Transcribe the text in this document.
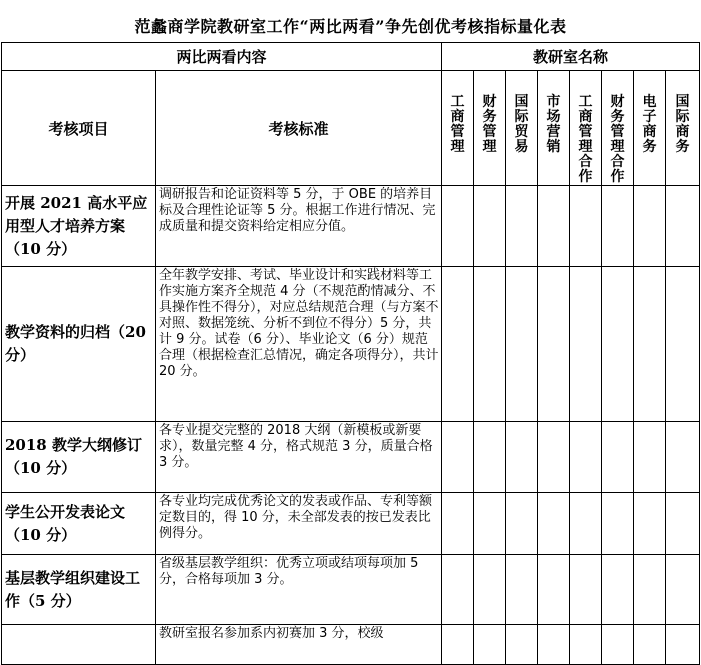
范蠡商学院教研室工作“两比两看”争先创优考核指标量化表
两比两看内容		教研室名称							
考核项目	考核标准	工商管理	财务管理	国际贸易	市场营销	工商管理合作	财务管理合作	电子商务	国际商务
开展 2021 高水平应用型人才培养方案（10 分）	调研报告和论证资料等 5 分，于 OBE 的培养目标及合理性论证等 5 分。根据工作进行情况、完成质量和提交资料给定相应分值。								
教学资料的归档（20 分）	全年教学安排、考试、毕业设计和实践材料等工作实施方案齐全规范 4 分（不规范酌情减分、不具操作性不得分），对应总结规范合理（与方案不对照、数据笼统、分析不到位不得分）5 分，共计 9 分。试卷（6 分）、毕业论文（6 分）规范合理（根据检查汇总情况，确定各项得分），共计 20 分。								
2018 教学大纲修订（10 分）	各专业提交完整的 2018 大纲（新模板或新要求），数量完整 4 分，格式规范 3 分，质量合格 3 分。								
学生公开发表论文（10 分）	各专业均完成优秀论文的发表或作品、专利等额定数目的，得 10 分，未全部发表的按已发表比例得分。								
基层教学组织建设工作（5 分）	省级基层教学组织：优秀立项或结项每项加 5 分，合格每项加 3 分。								
	教研室报名参加系内初赛加 3 分，校级								
